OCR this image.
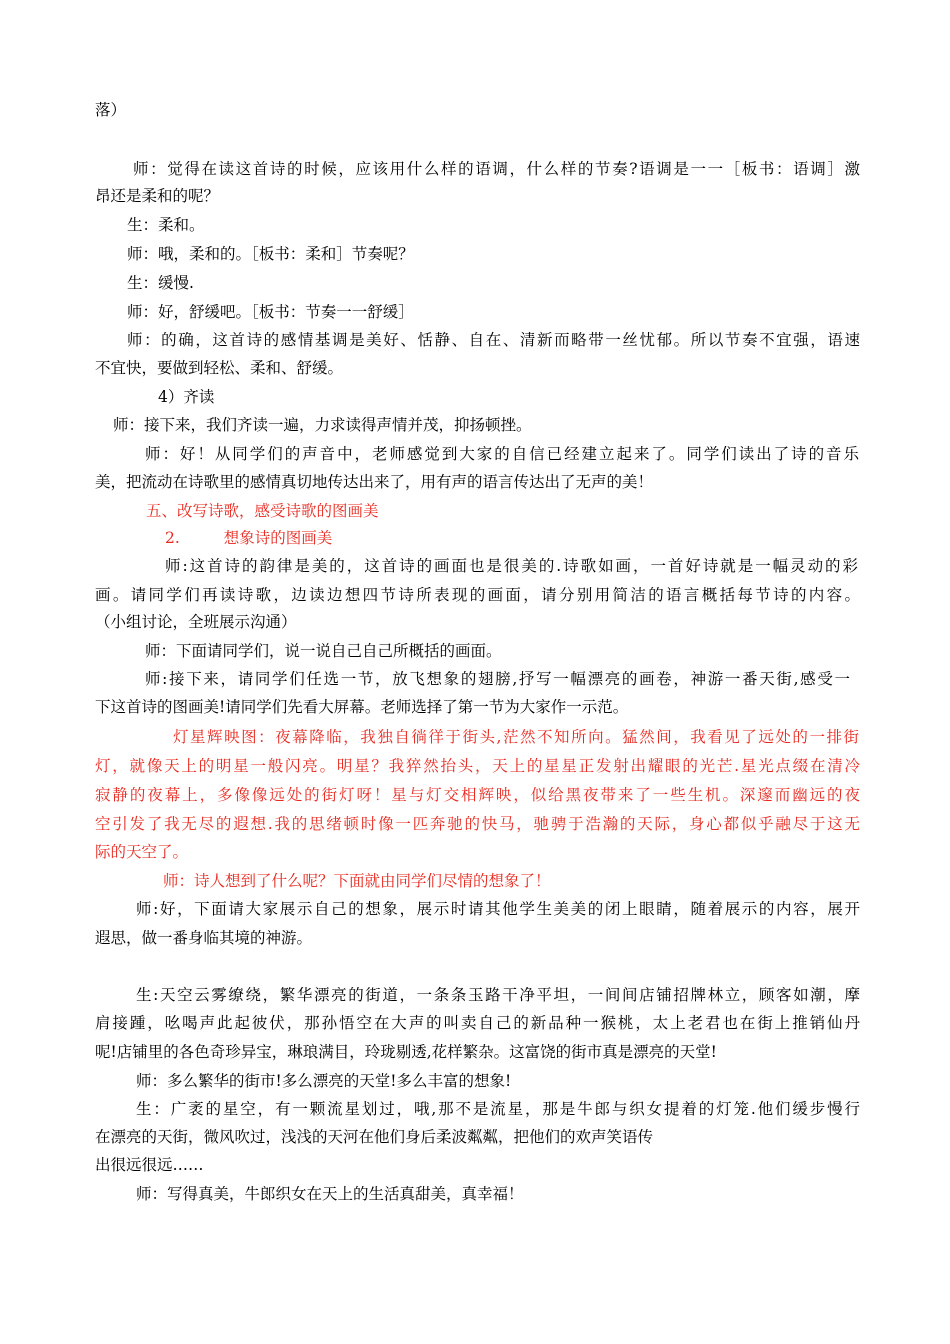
落）

师：觉得在读这首诗的时候，应该用什么样的语调，什么样的节奏?语调是一一［板书：语调］激

昂还是柔和的呢？

生：柔和。

师：哦，柔和的。［板书：柔和］节奏呢？

生：缓慢.

师：好，舒缓吧。［板书：节奏一一舒缓］

师：的确，这首诗的感情基调是美好、恬静、自在、清新而略带一丝忧郁。所以节奏不宜强，语速

不宜快，要做到轻松、柔和、舒缓。

4）齐读

师：接下来，我们齐读一遍，力求读得声情并茂，抑扬顿挫。

师：好！从同学们的声音中，老师感觉到大家的自信已经建立起来了。同学们读出了诗的音乐

美，把流动在诗歌里的感情真切地传达出来了，用有声的语言传达出了无声的美！

五、改写诗歌，感受诗歌的图画美

2.	想象诗的图画美

师:这首诗的韵律是美的，这首诗的画面也是很美的.诗歌如画，一首好诗就是一幅灵动的彩

画。请同学们再读诗歌，边读边想四节诗所表现的画面，请分别用简洁的语言概括每节诗的内容。

（小组讨论，全班展示沟通）

师：下面请同学们，说一说自己自己所概括的画面。

师:接下来，请同学们任选一节，放飞想象的翅膀,抒写一幅漂亮的画卷，神游一番天街,感受一

下这首诗的图画美!请同学们先看大屏幕。老师选择了第一节为大家作一示范。

灯星辉映图：夜幕降临，我独自徜徉于街头,茫然不知所向。猛然间，我看见了远处的一排街

灯，就像天上的明星一般闪亮。明星？我猝然抬头，天上的星星正发射出耀眼的光芒.星光点缀在清冷

寂静的夜幕上，多像像远处的街灯呀！星与灯交相辉映，似给黑夜带来了一些生机。深邃而幽远的夜

空引发了我无尽的遐想.我的思绪顿时像一匹奔驰的快马，驰骋于浩瀚的天际，身心都似乎融尽于这无

际的天空了。

师：诗人想到了什么呢？下面就由同学们尽情的想象了！

师:好，下面请大家展示自己的想象，展示时请其他学生美美的闭上眼睛，随着展示的内容，展开

遐思，做一番身临其境的神游。

生:天空云雾缭绕，繁华漂亮的街道，一条条玉路干净平坦，一间间店铺招牌林立，顾客如潮，摩

肩接踵，吆喝声此起彼伏，那孙悟空在大声的叫卖自己的新品种一猴桃，太上老君也在街上推销仙丹

呢!店铺里的各色奇珍异宝，琳琅满目，玲珑剔透,花样繁杂。这富饶的街市真是漂亮的天堂!

师：多么繁华的街市!多么漂亮的天堂!多么丰富的想象!

生：广袤的星空，有一颗流星划过，哦,那不是流星，那是牛郎与织女提着的灯笼.他们缓步慢行

在漂亮的天街，微风吹过，浅浅的天河在他们身后柔波粼粼，把他们的欢声笑语传

出很远很远……

师：写得真美，牛郎织女在天上的生活真甜美，真幸福！
